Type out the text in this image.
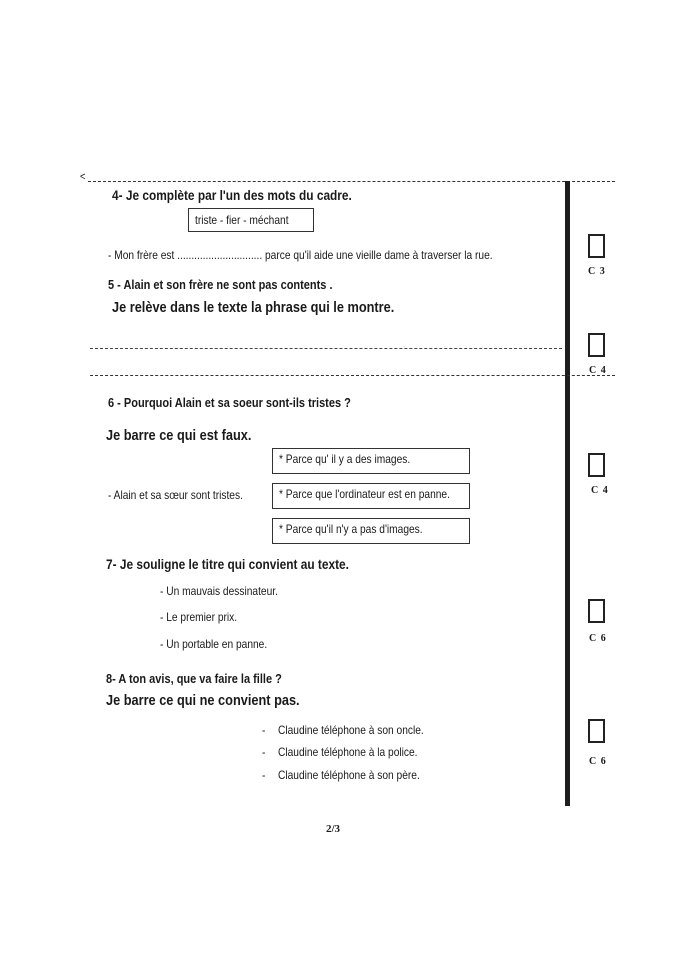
<
4- Je complète par l'un des mots du cadre.
triste - fier - méchant
- Mon frère est .............................. parce qu'il aide une vieille dame à traverser la rue.
5 - Alain et son frère ne sont pas contents .
Je relève dans le texte la phrase qui le montre.
6 - Pourquoi Alain et sa soeur sont-ils tristes ?
Je barre ce qui est faux.
* Parce qu' il y a des images.
- Alain et sa sœur sont tristes.	* Parce que l'ordinateur est en panne.
* Parce qu'il n'y a pas d'images.
7- Je souligne le titre qui convient au texte.
- Un mauvais dessinateur.
- Le premier prix.
- Un portable en panne.
8- A ton avis, que va faire la fille ?
Je barre ce qui ne convient pas.
- Claudine téléphone à son oncle.
- Claudine téléphone à la police.
- Claudine téléphone à son père.
C 3
C 4
C 4
C 6
C 6
2/3
